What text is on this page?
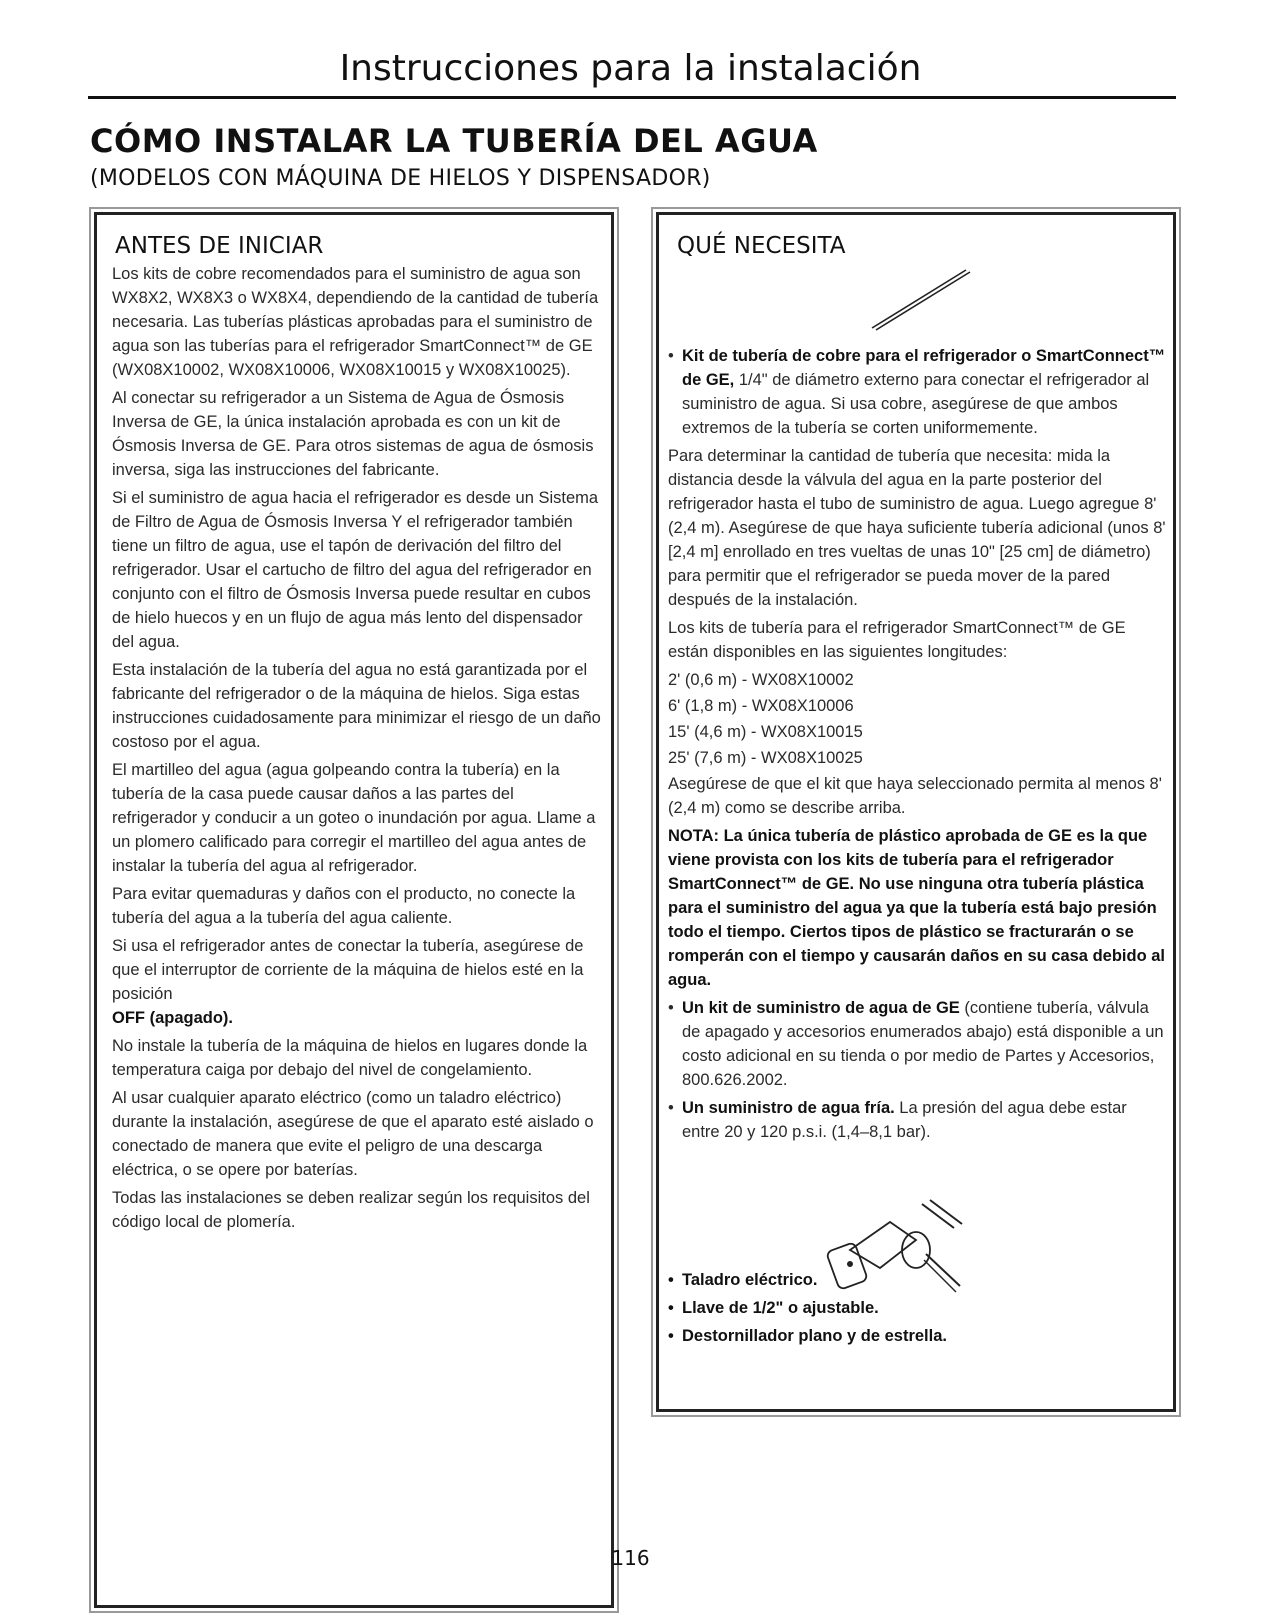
Instrucciones para la instalación
CÓMO INSTALAR LA TUBERÍA DEL AGUA
(MODELOS CON MÁQUINA DE HIELOS Y DISPENSADOR)
ANTES DE INICIAR

Los kits de cobre recomendados para el suministro de agua son WX8X2, WX8X3 o WX8X4, dependiendo de la cantidad de tubería necesaria. Las tuberías plásticas aprobadas para el suministro de agua son las tuberías para el refrigerador SmartConnect™ de GE (WX08X10002, WX08X10006, WX08X10015 y WX08X10025).

Al conectar su refrigerador a un Sistema de Agua de Ósmosis Inversa de GE, la única instalación aprobada es con un kit de Ósmosis Inversa de GE. Para otros sistemas de agua de ósmosis inversa, siga las instrucciones del fabricante.

Si el suministro de agua hacia el refrigerador es desde un Sistema de Filtro de Agua de Ósmosis Inversa Y el refrigerador también tiene un filtro de agua, use el tapón de derivación del filtro del refrigerador. Usar el cartucho de filtro del agua del refrigerador en conjunto con el filtro de Ósmosis Inversa puede resultar en cubos de hielo huecos y en un flujo de agua más lento del dispensador del agua.

Esta instalación de la tubería del agua no está garantizada por el fabricante del refrigerador o de la máquina de hielos. Siga estas instrucciones cuidadosamente para minimizar el riesgo de un daño costoso por el agua.

El martilleo del agua (agua golpeando contra la tubería) en la tubería de la casa puede causar daños a las partes del refrigerador y conducir a un goteo o inundación por agua. Llame a un plomero calificado para corregir el martilleo del agua antes de instalar la tubería del agua al refrigerador.

Para evitar quemaduras y daños con el producto, no conecte la tubería del agua a la tubería del agua caliente.

Si usa el refrigerador antes de conectar la tubería, asegúrese de que el interruptor de corriente de la máquina de hielos esté en la posición
OFF (apagado).

No instale la tubería de la máquina de hielos en lugares donde la temperatura caiga por debajo del nivel de congelamiento.

Al usar cualquier aparato eléctrico (como un taladro eléctrico) durante la instalación, asegúrese de que el aparato esté aislado o conectado de manera que evite el peligro de una descarga eléctrica, o se opere por baterías.

Todas las instalaciones se deben realizar según los requisitos del código local de plomería.

QUÉ NECESITA

• Kit de tubería de cobre para el refrigerador o SmartConnect™ de GE, 1/4" de diámetro externo para conectar el refrigerador al suministro de agua. Si usa cobre, asegúrese de que ambos extremos de la tubería se corten uniformemente.

Para determinar la cantidad de tubería que necesita: mida la distancia desde la válvula del agua en la parte posterior del refrigerador hasta el tubo de suministro de agua. Luego agregue 8' (2,4 m). Asegúrese de que haya suficiente tubería adicional (unos 8' [2,4 m] enrollado en tres vueltas de unas 10" [25 cm] de diámetro) para permitir que el refrigerador se pueda mover de la pared después de la instalación.

Los kits de tubería para el refrigerador SmartConnect™ de GE están disponibles en las siguientes longitudes:

2' (0,6 m) - WX08X10002

6' (1,8 m) - WX08X10006

15' (4,6 m) - WX08X10015

25' (7,6 m) - WX08X10025

Asegúrese de que el kit que haya seleccionado permita al menos 8' (2,4 m) como se describe arriba.

NOTA: La única tubería de plástico aprobada de GE es la que viene provista con los kits de tubería para el refrigerador SmartConnect™ de GE. No use ninguna otra tubería plástica para el suministro del agua ya que la tubería está bajo presión todo el tiempo. Ciertos tipos de plástico se fracturarán o se romperán con el tiempo y causarán daños en su casa debido al agua.

• Un kit de suministro de agua de GE (contiene tubería, válvula de apagado y accesorios enumerados abajo) está disponible a un costo adicional en su tienda o por medio de Partes y Accesorios, 800.626.2002.

• Un suministro de agua fría. La presión del agua debe estar entre 20 y 120 p.s.i. (1,4–8,1 bar).

• Taladro eléctrico.

• Llave de 1/2" o ajustable.

• Destornillador plano y de estrella.

116
